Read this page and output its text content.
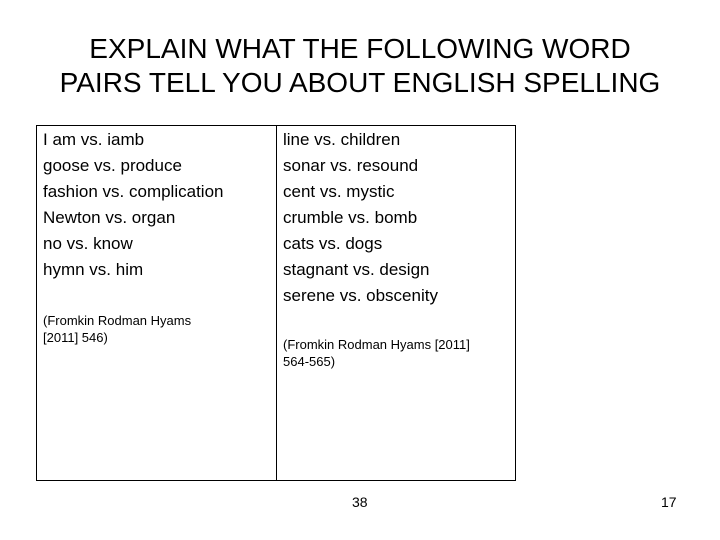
EXPLAIN WHAT THE FOLLOWING WORD
PAIRS TELL YOU ABOUT ENGLISH SPELLING
I am vs. iamb
goose vs. produce
fashion vs. complication
Newton vs. organ
no vs. know
hymn vs. him
(Fromkin Rodman Hyams
[2011] 546)
line vs. children
sonar vs. resound
cent vs. mystic
crumble vs. bomb
cats vs. dogs
stagnant vs. design
serene vs. obscenity
(Fromkin Rodman Hyams [2011]
564-565)
38	17
